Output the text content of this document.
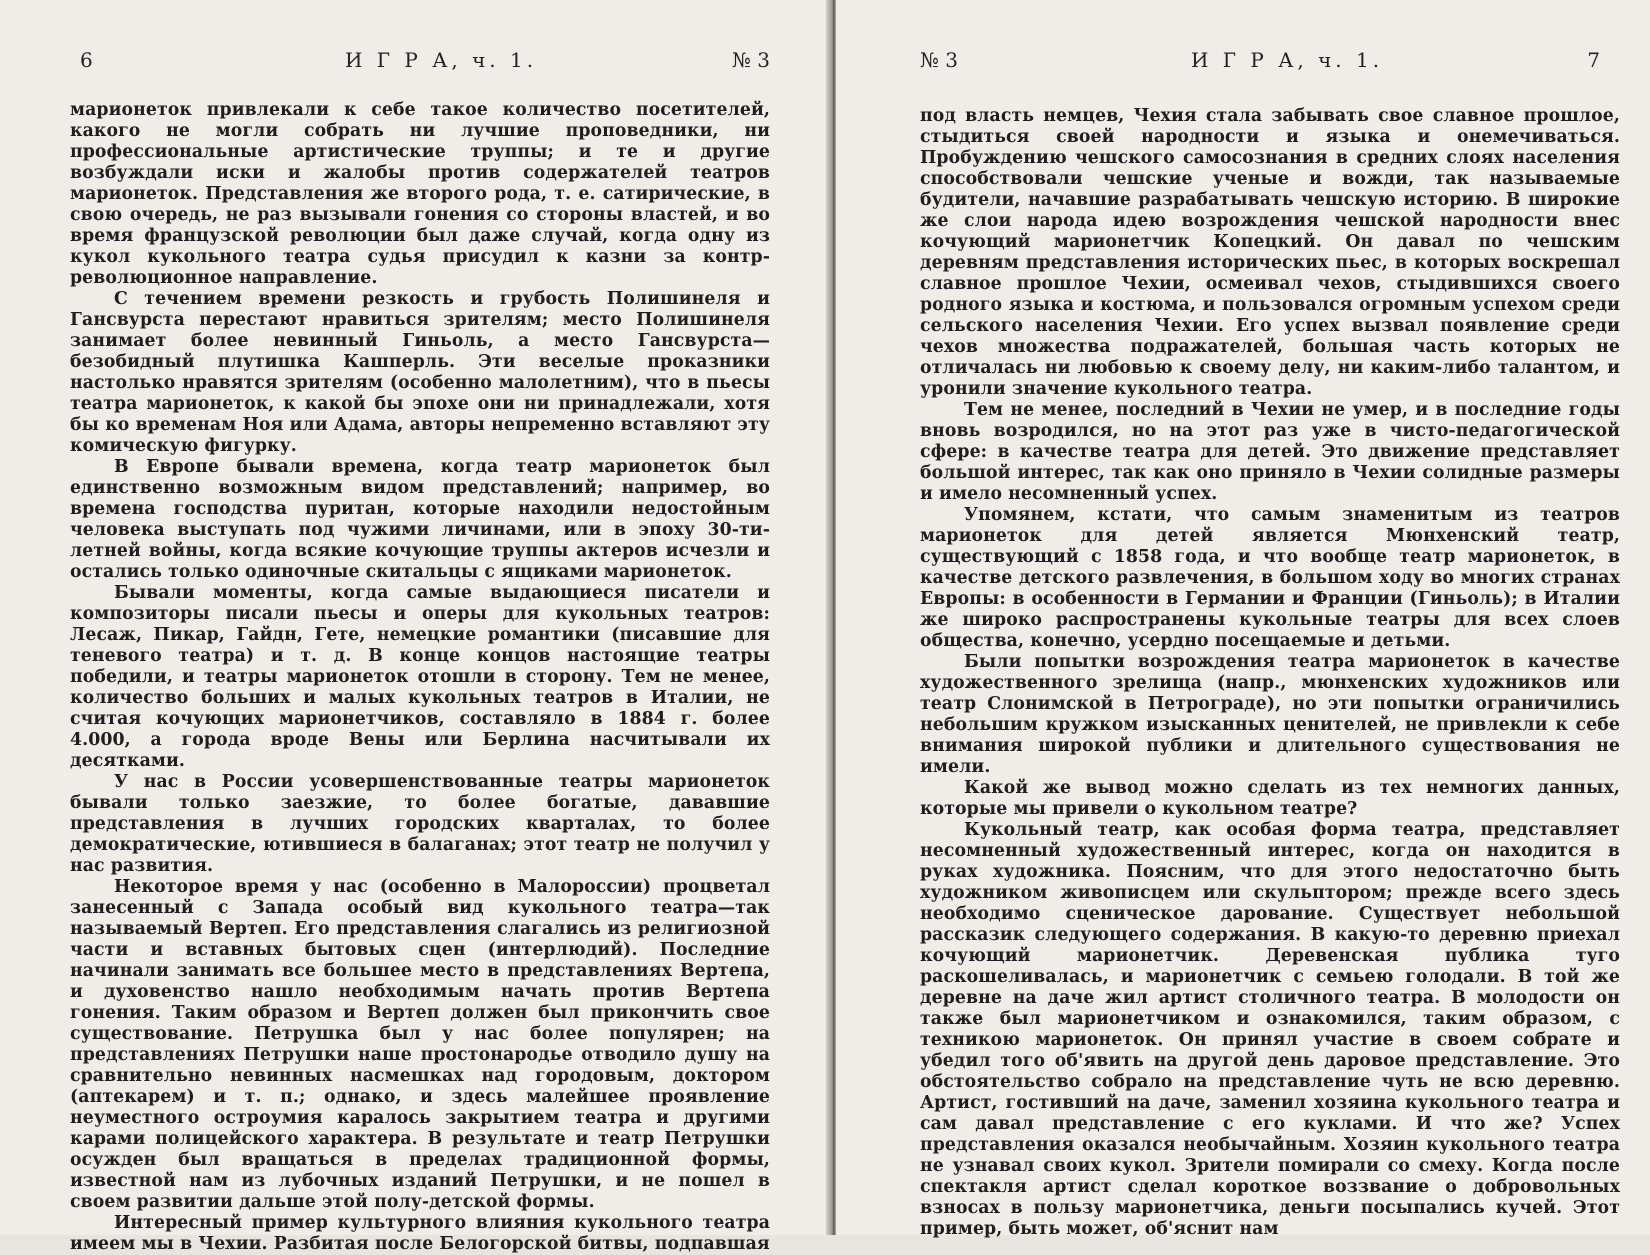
6	И Г Р А, ч. 1.	№ 3

марионеток привлекали к себе такое количество посетителей, какого не могли собрать ни лучшие проповедники, ни профессиональные артистические труппы; и те и другие возбуждали иски и жалобы против содержателей театров марионеток. Представления же второго рода, т. е. сатирические, в свою очередь, не раз вызывали гонения со стороны властей, и во время французской революции был даже случай, когда одну из кукол кукольного театра судья присудил к казни за контр-революционное направление.

С течением времени резкость и грубость Полишинеля и Гансвурста перестают нравиться зрителям; место Полишинеля занимает более невинный Гиньоль, а место Гансвурста—безобидный плутишка Кашперль. Эти веселые проказники настолько нравятся зрителям (особенно малолетним), что в пьесы театра марионеток, к какой бы эпохе они ни принадлежали, хотя бы ко временам Ноя или Адама, авторы непременно вставляют эту комическую фигурку.

В Европе бывали времена, когда театр марионеток был единственно возможным видом представлений; например, во времена господства пуритан, которые находили недостойным человека выступать под чужими личинами, или в эпоху 30-ти-летней войны, когда всякие кочующие труппы актеров исчезли и остались только одиночные скитальцы с ящиками марионеток.

Бывали моменты, когда самые выдающиеся писатели и композиторы писали пьесы и оперы для кукольных театров: Лесаж, Пикар, Гайдн, Гете, немецкие романтики (писавшие для теневого театра) и т. д. В конце концов настоящие театры победили, и театры марионеток отошли в сторону. Тем не менее, количество больших и малых кукольных театров в Италии, не считая кочующих марионетчиков, составляло в 1884 г. более 4.000, а города вроде Вены или Берлина насчитывали их десятками.

У нас в России усовершенствованные театры марионеток бывали только заезжие, то более богатые, дававшие представления в лучших городских кварталах, то более демократические, ютившиеся в балаганах; этот театр не получил у нас развития.

Некоторое время у нас (особенно в Малороссии) процветал занесенный с Запада особый вид кукольного театра—так называемый Вертеп. Его представления слагались из религиозной части и вставных бытовых сцен (интерлюдий). Последние начинали занимать все большее место в представлениях Вертепа, и духовенство нашло необходимым начать против Вертепа гонения. Таким образом и Вертеп должен был прикончить свое существование. Петрушка был у нас более популярен; на представлениях Петрушки наше простонародье отводило душу на сравнительно невинных насмешках над городовым, доктором (аптекарем) и т. п.; однако, и здесь малейшее проявление неуместного остроумия каралось закрытием театра и другими карами полицейского характера. В результате и театр Петрушки осужден был вращаться в пределах традиционной формы, известной нам из лубочных изданий Петрушки, и не пошел в своем развитии дальше этой полу-детской формы.

Интересный пример культурного влияния кукольного театра имеем мы в Чехии. Разбитая после Белогорской битвы, подпавшая

№ 3	И Г Р А, ч. 1.	7

под власть немцев, Чехия стала забывать свое славное прошлое, стыдиться своей народности и языка и онемечиваться. Пробуждению чешского самосознания в средних слоях населения способствовали чешские ученые и вожди, так называемые будители, начавшие разрабатывать чешскую историю. В широкие же слои народа идею возрождения чешской народности внес кочующий марионетчик Копецкий. Он давал по чешским деревням представления исторических пьес, в которых воскрешал славное прошлое Чехии, осмеивал чехов, стыдившихся своего родного языка и костюма, и пользовался огромным успехом среди сельского населения Чехии. Его успех вызвал появление среди чехов множества подражателей, большая часть которых не отличалась ни любовью к своему делу, ни каким-либо талантом, и уронили значение кукольного театра.

Тем не менее, последний в Чехии не умер, и в последние годы вновь возродился, но на этот раз уже в чисто-педагогической сфере: в качестве театра для детей. Это движение представляет большой интерес, так как оно приняло в Чехии солидные размеры и имело несомненный успех.

Упомянем, кстати, что самым знаменитым из театров марионеток для детей является Мюнхенский театр, существующий с 1858 года, и что вообще театр марионеток, в качестве детского развлечения, в большом ходу во многих странах Европы: в особенности в Германии и Франции (Гиньоль); в Италии же широко распространены кукольные театры для всех слоев общества, конечно, усердно посещаемые и детьми.

Были попытки возрождения театра марионеток в качестве художественного зрелища (напр., мюнхенских художников или театр Слонимской в Петрограде), но эти попытки ограничились небольшим кружком изысканных ценителей, не привлекли к себе внимания широкой публики и длительного существования не имели.

Какой же вывод можно сделать из тех немногих данных, которые мы привели о кукольном театре?

Кукольный театр, как особая форма театра, представляет несомненный художественный интерес, когда он находится в руках художника. Поясним, что для этого недостаточно быть художником живописцем или скульптором; прежде всего здесь необходимо сценическое дарование. Существует небольшой рассказик следующего содержания. В какую-то деревню приехал кочующий марионетчик. Деревенская публика туго раскошеливалась, и марионетчик с семьею голодали. В той же деревне на даче жил артист столичного театра. В молодости он также был марионетчиком и ознакомился, таким образом, с техникою марионеток. Он принял участие в своем собрате и убедил того об'явить на другой день даровое представление. Это обстоятельство собрало на представление чуть не всю деревню. Артист, гостивший на даче, заменил хозяина кукольного театра и сам давал представление с его куклами. И что же? Успех представления оказался необычайным. Хозяин кукольного театра не узнавал своих кукол. Зрители помирали со смеху. Когда после спектакля артист сделал короткое воззвание о добровольных взносах в пользу марионетчика, деньги посыпались кучей. Этот пример, быть может, об'яснит нам
